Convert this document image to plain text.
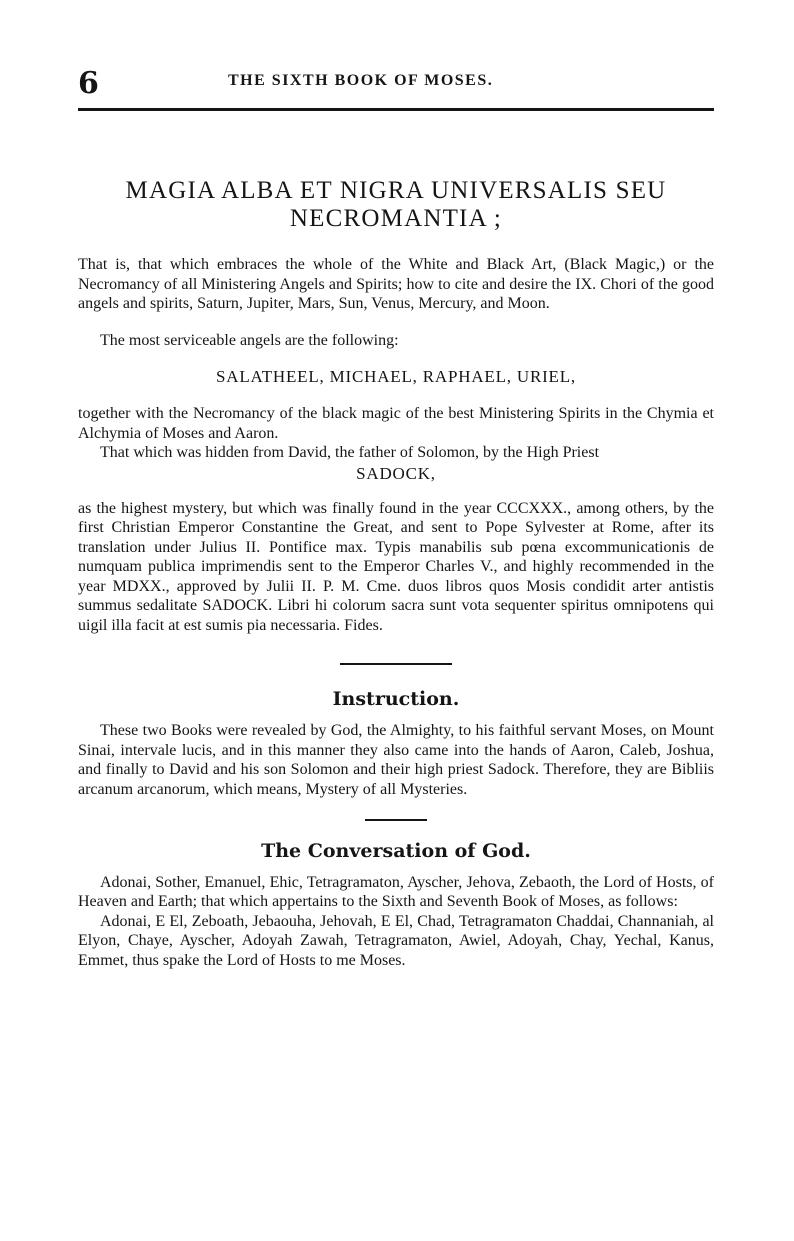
6	THE SIXTH BOOK OF MOSES.
MAGIA ALBA ET NIGRA UNIVERSALIS SEU
NECROMANTIA ;

That is, that which embraces the whole of the White and Black Art, (Black Magic,) or the Necromancy of all Ministering Angels and Spirits; how to cite and desire the IX. Chori of the good angels and spirits, Saturn, Jupiter, Mars, Sun, Venus, Mercury, and Moon.

The most serviceable angels are the following:

SALATHEEL, MICHAEL, RAPHAEL, URIEL,

together with the Necromancy of the black magic of the best Ministering Spirits in the Chymia et Alchymia of Moses and Aaron.

That which was hidden from David, the father of Solomon, by the High Priest

SADOCK,

as the highest mystery, but which was finally found in the year CCCXXX., among others, by the first Christian Emperor Constantine the Great, and sent to Pope Sylvester at Rome, after its translation under Julius II. Pontifice max. Typis manabilis sub pœna excommunicationis de numquam publica imprimendis sent to the Emperor Charles V., and highly recommended in the year MDXX., approved by Julii II. P. M. Cme. duos libros quos Mosis condidit arter antistis summus sedalitate SADOCK. Libri hi colorum sacra sunt vota sequenter spiritus omnipotens qui uigil illa facit at est sumis pia necessaria. Fides.

Instruction.

These two Books were revealed by God, the Almighty, to his faithful servant Moses, on Mount Sinai, intervale lucis, and in this manner they also came into the hands of Aaron, Caleb, Joshua, and finally to David and his son Solomon and their high priest Sadock. Therefore, they are Bibliis arcanum arcanorum, which means, Mystery of all Mysteries.

The Conversation of God.

Adonai, Sother, Emanuel, Ehic, Tetragramaton, Ayscher, Jehova, Zebaoth, the Lord of Hosts, of Heaven and Earth; that which appertains to the Sixth and Seventh Book of Moses, as follows:

Adonai, E El, Zeboath, Jebaouha, Jehovah, E El, Chad, Tetragramaton Chaddai, Channaniah, al Elyon, Chaye, Ayscher, Adoyah Zawah, Tetragramaton, Awiel, Adoyah, Chay, Yechal, Kanus, Emmet, thus spake the Lord of Hosts to me Moses.
